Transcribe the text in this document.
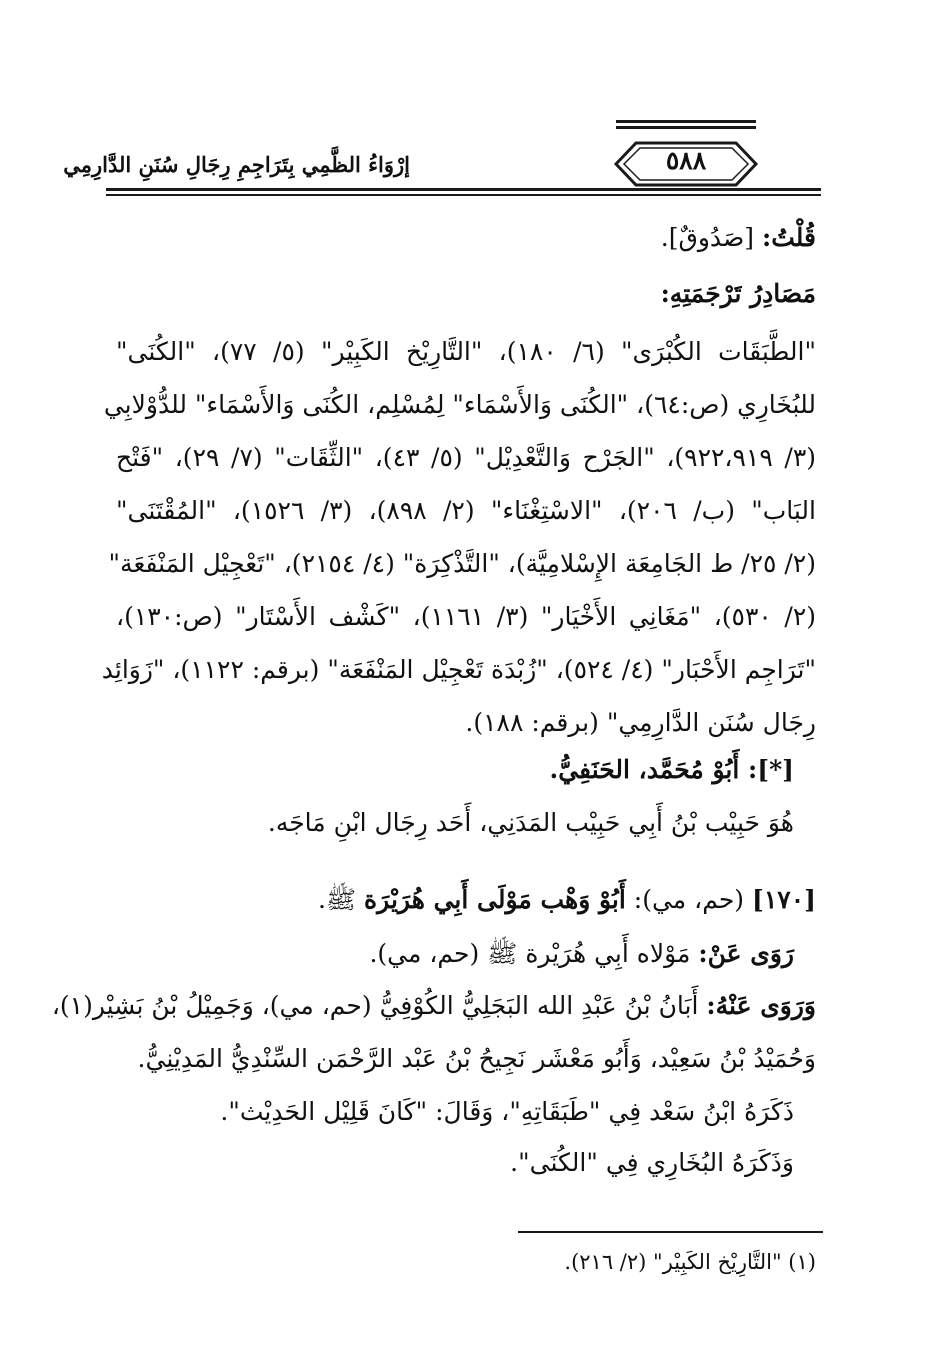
٥٨٨
إرْوَاءُ الظَّمِي بِتَرَاجِمِ رِجَالِ سُنَنِ الدَّارِمِي
قُلْتُ: [صَدُوقٌ].
مَصَادِرُ تَرْجَمَتِهِ:
"الطَّبَقَات الكُبْرَى" (٦/ ١٨٠)، "التَّارِيْخ الكَبِيْر" (٥/ ٧٧)، "الكُنَى"
للبُخَارِي (ص:٦٤)، "الكُنَى وَالأَسْمَاء" لِمُسْلِم، الكُنَى وَالأَسْمَاء" للدُّوْلابِي
(٣/ ٩٢٢،٩١٩)، "الجَرْح وَالتَّعْدِيْل" (٥/ ٤٣)، "الثِّقَات" (٧/ ٢٩)، "فَتْح
البَاب" (ب/ ٢٠٦)، "الاسْتِغْنَاء" (٢/ ٨٩٨)، (٣/ ١٥٢٦)، "المُقْتَنَى"
(٢/ ٢٥/ ط الجَامِعَة الإِسْلامِيَّة)، "التَّذْكِرَة" (٤/ ٢١٥٤)، "تَعْجِيْل المَنْفَعَة"
(٢/ ٥٣٠)، "مَغَانِي الأَخْيَار" (٣/ ١١٦١)، "كَشْف الأَسْتَار" (ص:١٣٠)،
"تَرَاجِم الأَحْبَار" (٤/ ٥٢٤)، "زُبْدَة تَعْجِيْل المَنْفَعَة" (برقم: ١١٢٢)، "زَوَائِد
رِجَال سُنَن الدَّارِمِي" (برقم: ١٨٨).
[*]: أَبُوْ مُحَمَّد، الحَنَفِيُّ.
هُوَ حَبِيْب بْنُ أَبِي حَبِيْب المَدَنِي، أَحَد رِجَال ابْنِ مَاجَه.
[١٧٠] (حم، مي): أَبُوْ وَهْب مَوْلَى أَبِي هُرَيْرَة ﷺ.
رَوَى عَنْ: مَوْلاه أَبِي هُرَيْرة ﷺ (حم، مي).
وَرَوَى عَنْهُ: أَبَانُ بْنُ عَبْدِ الله البَجَلِيُّ الكُوْفِيُّ (حم، مي)، وَجَمِيْلُ بْنُ بَشِيْر(١)،
وَحُمَيْدُ بْنُ سَعِيْد، وَأَبُو مَعْشَر نَجِيحُ بْنُ عَبْد الرَّحْمَن السِّنْدِيُّ المَدِيْنِيُّ.
ذَكَرَهُ ابْنُ سَعْد فِي "طَبَقَاتِهِ"، وَقَالَ: "كَانَ قَلِيْل الحَدِيْث".
وَذَكَرَهُ البُخَارِي فِي "الكُنَى".
(١) "التَّارِيْخ الكَبِيْر" (٢/ ٢١٦).
